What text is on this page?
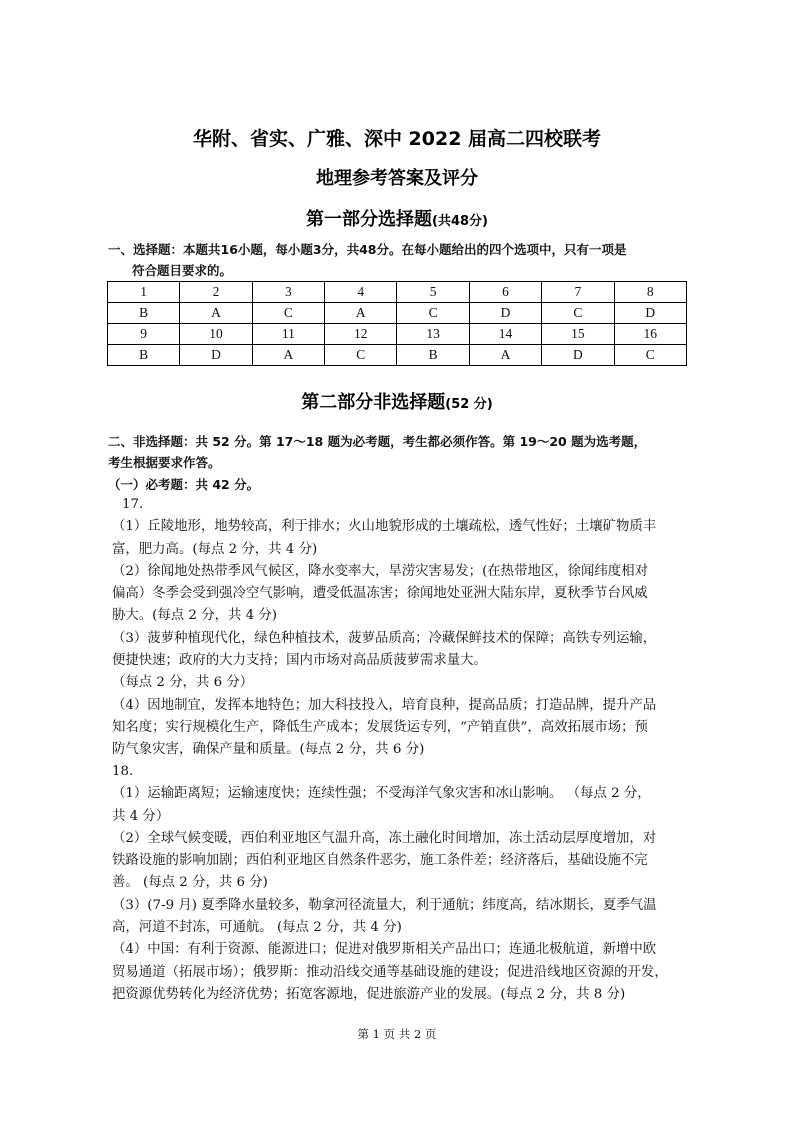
华附、省实、广雅、深中 2022 届高二四校联考
地理参考答案及评分
第一部分选择题(共48分)
一、选择题：本题共16小题，每小题3分，共48分。在每小题给出的四个选项中，只有一项是
符合题目要求的。
1	2	3	4	5	6	7	8
B	A	C	A	C	D	C	D
9	10	11	12	13	14	15	16
B	D	A	C	B	A	D	C
第二部分非选择题(52 分)
二、非选择题：共 52 分。第 17～18 题为必考题，考生都必须作答。第 19～20 题为选考题，
考生根据要求作答。
（一）必考题：共 42 分。

17.

（1）丘陵地形，地势较高，利于排水；火山地貌形成的土壤疏松，透气性好；土壤矿物质丰

富，肥力高。(每点 2 分，共 4 分)

（2）徐闻地处热带季风气候区，降水变率大，旱涝灾害易发；(在热带地区，徐闻纬度相对

偏高）冬季会受到强冷空气影响，遭受低温冻害；徐闻地处亚洲大陆东岸，夏秋季节台风威

胁大。(每点 2 分，共 4 分)

（3）菠萝种植现代化，绿色种植技术，菠萝品质高；冷藏保鲜技术的保障；高铁专列运输，

便捷快速；政府的大力支持；国内市场对高品质菠萝需求量大。

（每点 2 分，共 6 分）

（4）因地制宜，发挥本地特色；加大科技投入，培育良种，提高品质；打造品牌，提升产品

知名度；实行规模化生产，降低生产成本；发展货运专列，“产销直供”，高效拓展市场；预

防气象灾害，确保产量和质量。(每点 2 分，共 6 分)

18.

（1）运输距离短；运输速度快；连续性强；不受海洋气象灾害和冰山影响。 （每点 2 分，

共 4 分）

（2）全球气候变暖，西伯利亚地区气温升高，冻土融化时间增加，冻土活动层厚度增加，对

铁路设施的影响加剧；西伯利亚地区自然条件恶劣，施工条件差；经济落后，基础设施不完

善。 (每点 2 分，共 6 分)

（3）(7-9 月) 夏季降水量较多，勒拿河径流量大，利于通航；纬度高，结冰期长，夏季气温

高，河道不封冻，可通航。 (每点 2 分，共 4 分)

（4）中国：有利于资源、能源进口；促进对俄罗斯相关产品出口；连通北极航道，新增中欧

贸易通道（拓展市场）；俄罗斯：推动沿线交通等基础设施的建设；促进沿线地区资源的开发，

把资源优势转化为经济优势；拓宽客源地，促进旅游产业的发展。(每点 2 分，共 8 分)

第 1 页 共 2 页
